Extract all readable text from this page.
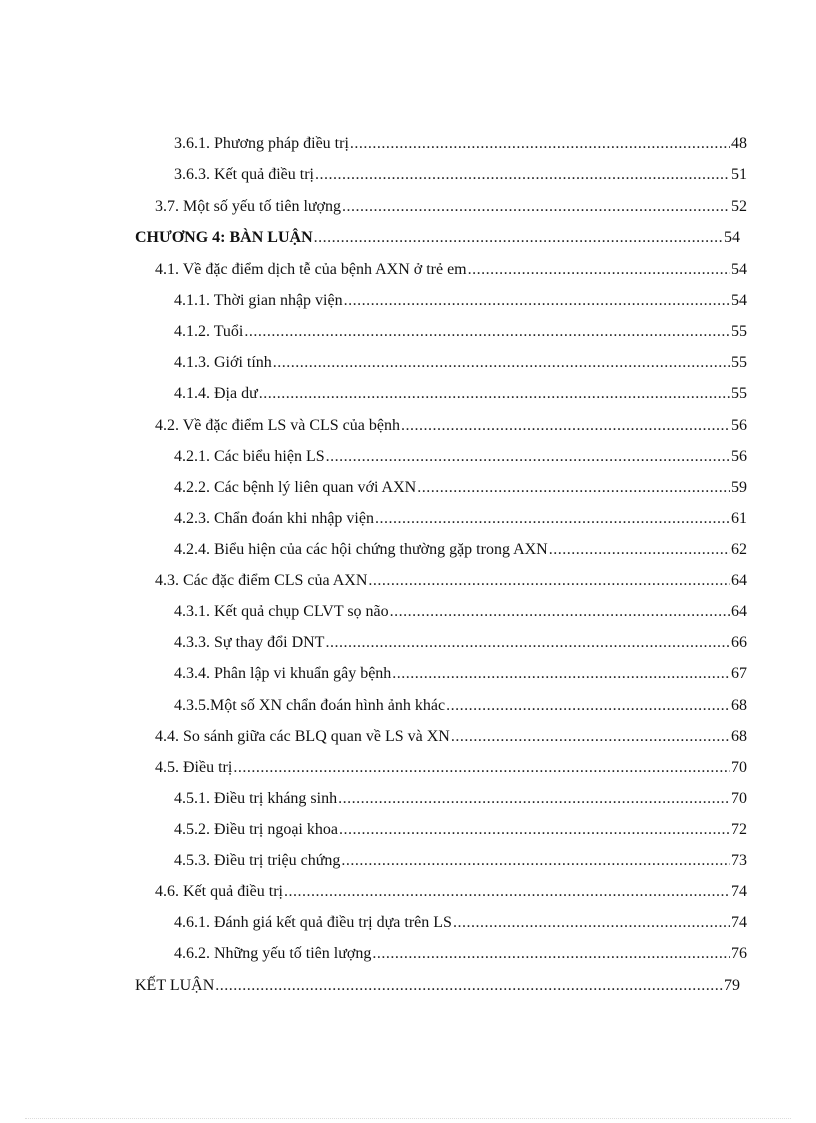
3.6.1. Phương pháp điều trị .....	48
3.6.3. Kết quả điều trị .....	51
3.7. Một số yếu tố tiên lượng .....	52
CHƯƠNG 4: BÀN LUẬN .....	54
4.1. Về đặc điểm dịch tễ của bệnh AXN ở trẻ em .....	54
4.1.1. Thời gian nhập viện .....	54
4.1.2. Tuổi .....	55
4.1.3. Giới tính .....	55
4.1.4. Địa dư .....	55
4.2. Về đặc điểm LS và CLS của bệnh .....	56
4.2.1. Các biểu hiện LS .....	56
4.2.2. Các bệnh lý liên quan với AXN .....	59
4.2.3. Chẩn đoán khi nhập viện .....	61
4.2.4. Biểu hiện của các hội chứng thường gặp trong AXN .....	62
4.3. Các đặc điểm CLS của AXN .....	64
4.3.1. Kết quả chụp CLVT sọ não .....	64
4.3.3. Sự thay đổi DNT .....	66
4.3.4. Phân lập vi khuẩn gây bệnh .....	67
4.3.5.Một số XN chẩn đoán hình ảnh khác .....	68
4.4. So sánh giữa các BLQ quan về LS và XN .....	68
4.5. Điều trị .....	70
4.5.1. Điều trị kháng sinh .....	70
4.5.2. Điều trị ngoại khoa .....	72
4.5.3. Điều trị triệu chứng .....	73
4.6. Kết quả điều trị .....	74
4.6.1. Đánh giá kết quả điều trị dựa trên LS .....	74
4.6.2. Những yếu tố tiên lượng .....	76
KẾT LUẬN .....	79
